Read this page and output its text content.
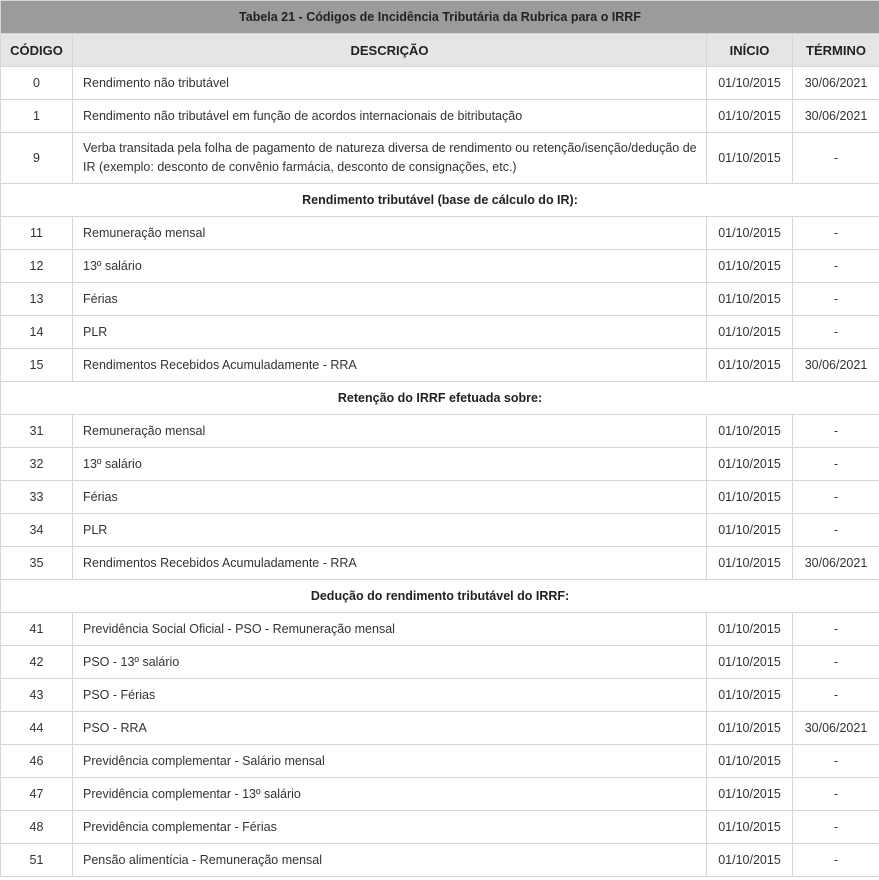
Tabela 21 - Códigos de Incidência Tributária da Rubrica para o IRRF			
CÓDIGO	DESCRIÇÃO	INÍCIO	TÉRMINO
0	Rendimento não tributável	01/10/2015	30/06/2021
1	Rendimento não tributável em função de acordos internacionais de bitributação	01/10/2015	30/06/2021
9	Verba transitada pela folha de pagamento de natureza diversa de rendimento ou retenção/isenção/dedução de IR (exemplo: desconto de convênio farmácia, desconto de consignações, etc.)	01/10/2015	-
Rendimento tributável (base de cálculo do IR):			
11	Remuneração mensal	01/10/2015	-
12	13º salário	01/10/2015	-
13	Férias	01/10/2015	-
14	PLR	01/10/2015	-
15	Rendimentos Recebidos Acumuladamente - RRA	01/10/2015	30/06/2021
Retenção do IRRF efetuada sobre:			
31	Remuneração mensal	01/10/2015	-
32	13º salário	01/10/2015	-
33	Férias	01/10/2015	-
34	PLR	01/10/2015	-
35	Rendimentos Recebidos Acumuladamente - RRA	01/10/2015	30/06/2021
Dedução do rendimento tributável do IRRF:			
41	Previdência Social Oficial - PSO - Remuneração mensal	01/10/2015	-
42	PSO - 13º salário	01/10/2015	-
43	PSO - Férias	01/10/2015	-
44	PSO - RRA	01/10/2015	30/06/2021
46	Previdência complementar - Salário mensal	01/10/2015	-
47	Previdência complementar - 13º salário	01/10/2015	-
48	Previdência complementar - Férias	01/10/2015	-
51	Pensão alimentícia - Remuneração mensal	01/10/2015	-
